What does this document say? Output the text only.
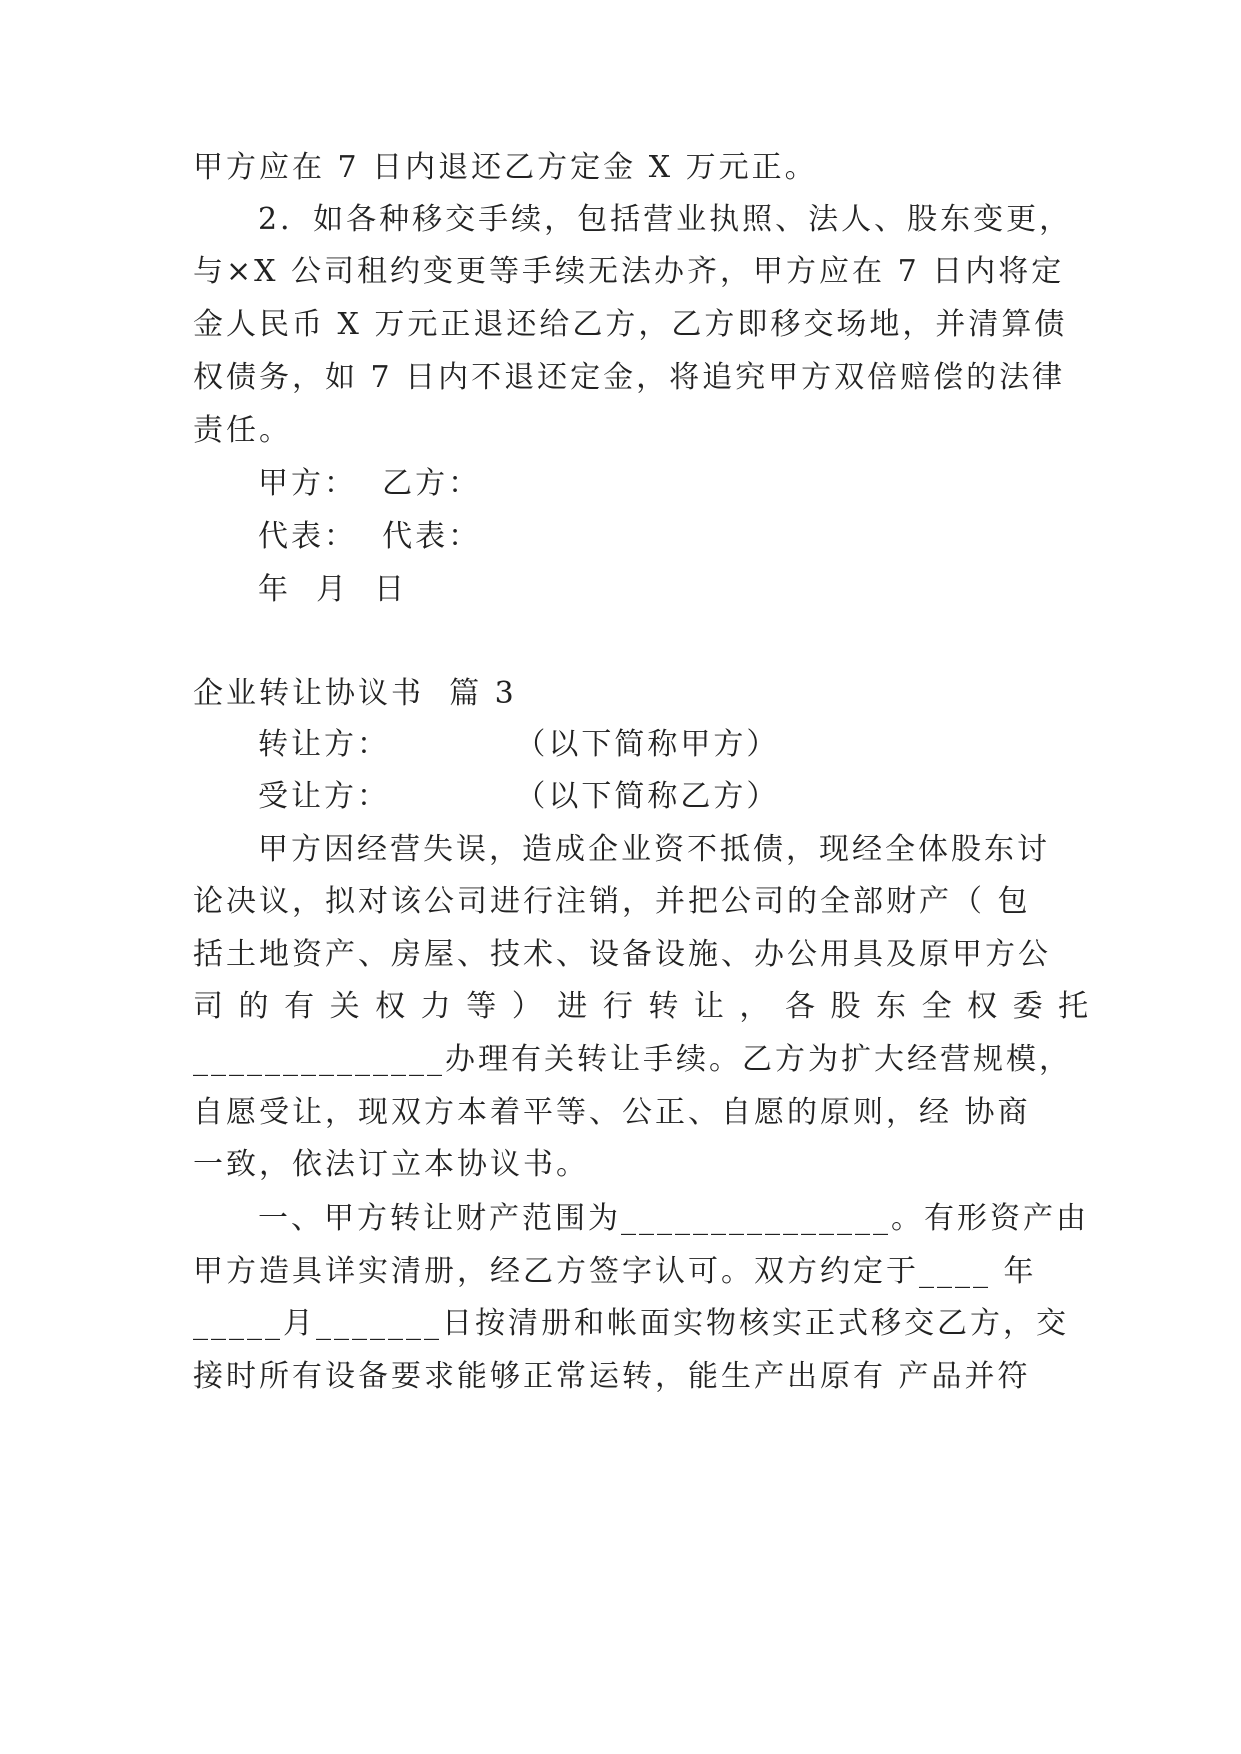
甲方应在 7 日内退还乙方定金 X 万元正。
2．如各种移交手续，包括营业执照、法人、股东变更，
与×X 公司租约变更等手续无法办齐，甲方应在 7 日内将定
金人民币 X 万元正退还给乙方，乙方即移交场地，并清算债
权债务，如 7 日内不退还定金，将追究甲方双倍赔偿的法律
责任。
甲方：  乙方：
代表：  代表：
年  月  日
企业转让协议书  篇 3
转让方：          （以下简称甲方）
受让方：          （以下简称乙方）
甲方因经营失误，造成企业资不抵债，现经全体股东讨
论决议，拟对该公司进行注销，并把公司的全部财产（ 包
括土地资产、房屋、技术、设备设施、办公用具及原甲方公
司 的 有 关 权 力 等 ） 进 行 转 让 ， 各 股 东 全 权 委 托
______________办理有关转让手续。乙方为扩大经营规模，
自愿受让，现双方本着平等、公正、自愿的原则，经 协商
一致，依法订立本协议书。
一、甲方转让财产范围为_______________。有形资产由
甲方造具详实清册，经乙方签字认可。双方约定于____ 年
_____月_______日按清册和帐面实物核实正式移交乙方，交
接时所有设备要求能够正常运转，能生产出原有 产品并符
